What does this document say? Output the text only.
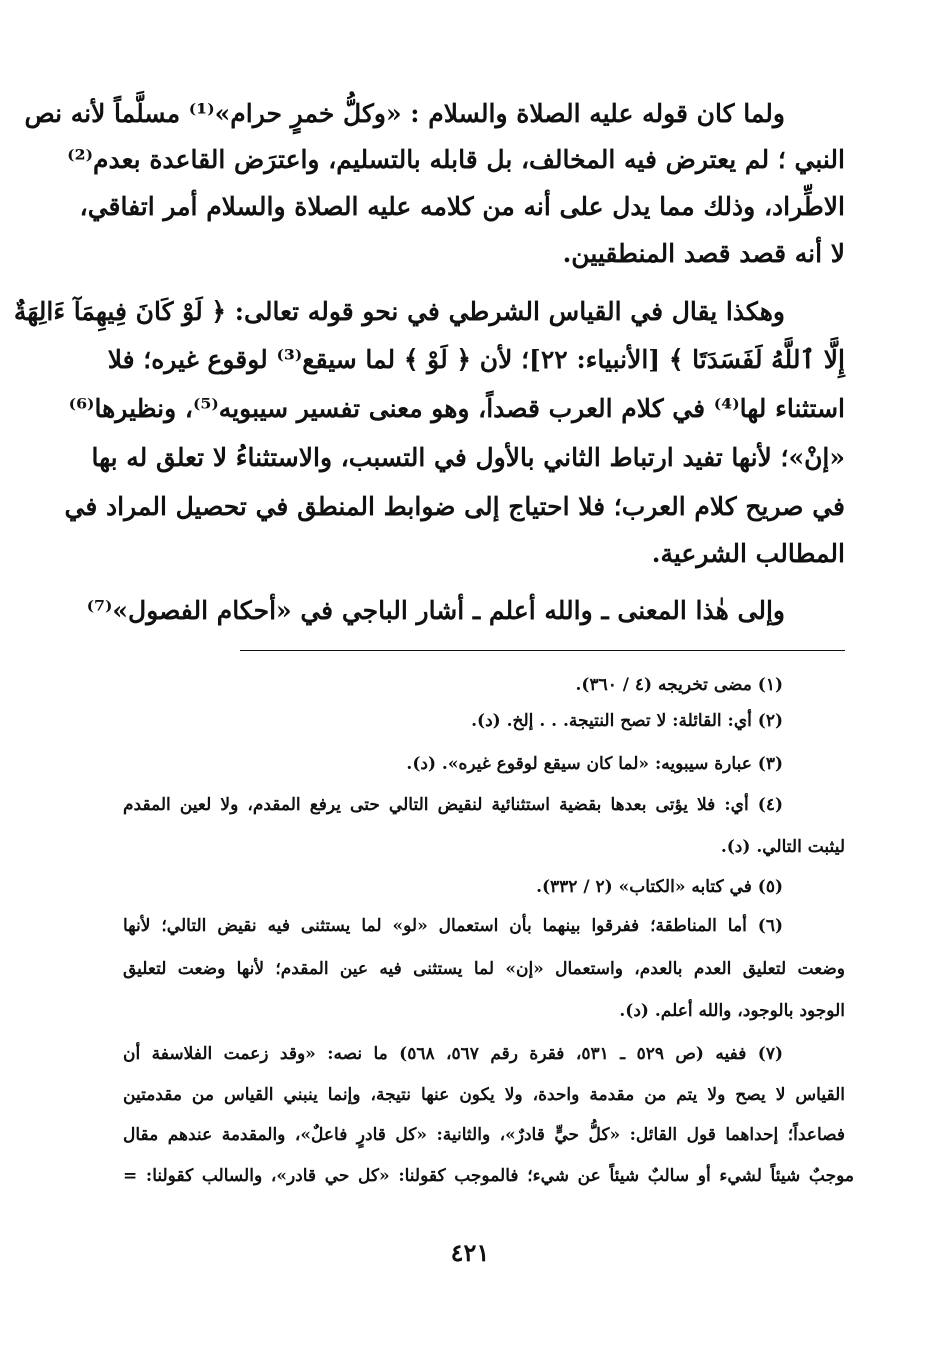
ولما كان قوله عليه الصلاة والسلام : «وكلُّ خمرٍ حرام»⁽¹⁾ مسلَّماً لأنه نص
النبي ؛ لم يعترض فيه المخالف، بل قابله بالتسليم، واعترَض القاعدة بعدم⁽²⁾
الاطِّراد، وذلك مما يدل على أنه من كلامه عليه الصلاة والسلام أمر اتفاقي،
لا أنه قصد قصد المنطقيين.
وهكذا يقال في القياس الشرطي في نحو قوله تعالى: ﴿ لَوْ كَانَ فِيهِمَآ ءَالِهَةٌ
إِلَّا ٱللَّهُ لَفَسَدَتَا ﴾ [الأنبياء: ٢٢]؛ لأن ﴿ لَوْ ﴾ لما سيقع⁽³⁾ لوقوع غيره؛ فلا
استثناء لها⁽⁴⁾ في كلام العرب قصداً، وهو معنى تفسير سيبويه⁽⁵⁾، ونظيرها⁽⁶⁾
«إنْ»؛ لأنها تفيد ارتباط الثاني بالأول في التسبب، والاستثناءُ لا تعلق له بها
في صريح كلام العرب؛ فلا احتياج إلى ضوابط المنطق في تحصيل المراد في
المطالب الشرعية.
وإلى هٰذا المعنى ـ والله أعلم ـ أشار الباجي في «أحكام الفصول»⁽⁷⁾
(١) مضى تخريجه (٤ / ٣٦٠).
(٢) أي: القائلة: لا تصح النتيجة. . . إلخ. (د).
(٣) عبارة سيبويه: «لما كان سيقع لوقوع غيره». (د).
(٤) أي: فلا يؤتى بعدها بقضية استثنائية لنقيض التالي حتى يرفع المقدم، ولا لعين المقدم
ليثبت التالي. (د).
(٥) في كتابه «الكتاب» (٢ / ٣٣٢).
(٦) أما المناطقة؛ ففرقوا بينهما بأن استعمال «لو» لما يستثنى فيه نقيض التالي؛ لأنها
وضعت لتعليق العدم بالعدم، واستعمال «إن» لما يستثنى فيه عين المقدم؛ لأنها وضعت لتعليق
الوجود بالوجود، والله أعلم. (د).
(٧) ففيه (ص ٥٢٩ ـ ٥٣١، فقرة رقم ٥٦٧، ٥٦٨) ما نصه: «وقد زعمت الفلاسفة أن
القياس لا يصح ولا يتم من مقدمة واحدة، ولا يكون عنها نتيجة، وإنما ينبني القياس من مقدمتين
فصاعداً؛ إحداهما قول القائل: «كلُّ حيٍّ قادرٌ»، والثانية: «كل قادرٍ فاعلٌ»، والمقدمة عندهم مقال
موجبٌ شيئاً لشيء أو سالبٌ شيئاً عن شيء؛ فالموجب كقولنا: «كل حي قادر»، والسالب كقولنا: =
٤٢١
